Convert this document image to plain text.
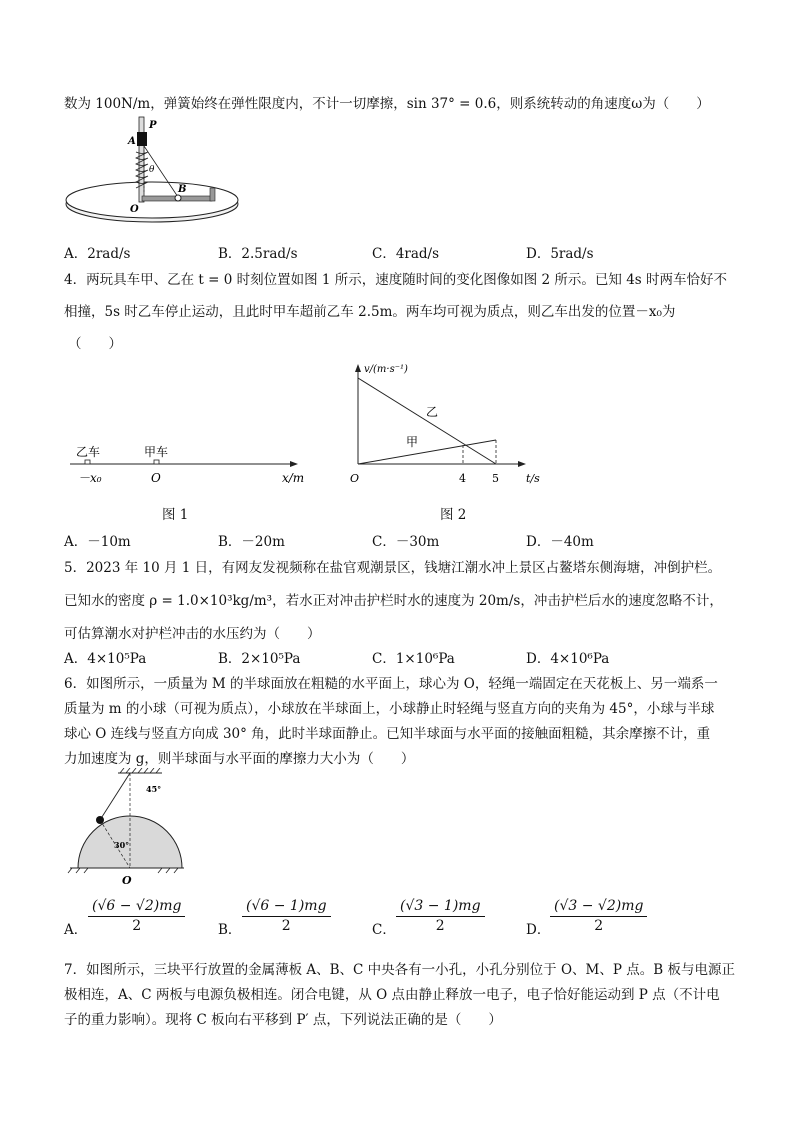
数为 100N/m，弹簧始终在弹性限度内，不计一切摩擦，sin 37° = 0.6，则系统转动的角速度ω为（　　）
P
A
θ
B
O
A．2rad/s	B．2.5rad/s	C．4rad/s	D．5rad/s
4．两玩具车甲、乙在 t = 0 时刻位置如图 1 所示，速度随时间的变化图像如图 2 所示。已知 4s 时两车恰好不
相撞，5s 时乙车停止运动，且此时甲车超前乙车 2.5m。两车均可视为质点，则乙车出发的位置－x₀为
（　　）
乙车	甲车
－x₀	O	x/m
图 1
v/(m·s⁻¹)
t/s
O	4 5
乙
甲
图 2
A．－10m	B．－20m	C．－30m	D．－40m
5．2023 年 10 月 1 日，有网友发视频称在盐官观潮景区，钱塘江潮水冲上景区占鳌塔东侧海塘，冲倒护栏。
已知水的密度 ρ = 1.0×10³kg/m³，若水正对冲击护栏时水的速度为 20m/s，冲击护栏后水的速度忽略不计，
可估算潮水对护栏冲击的水压约为（　　）
A．4×10⁵Pa	B．2×10⁵Pa	C．1×10⁶Pa	D．4×10⁶Pa
6．如图所示，一质量为 M 的半球面放在粗糙的水平面上，球心为 O，轻绳一端固定在天花板上、另一端系一
质量为 m 的小球（可视为质点），小球放在半球面上，小球静止时轻绳与竖直方向的夹角为 45°，小球与半球
球心 O 连线与竖直方向成 30° 角，此时半球面静止。已知半球面与水平面的接触面粗糙，其余摩擦不计，重
力加速度为 g，则半球面与水平面的摩擦力大小为（　　）
45°
30°
O
A．
(√6 − √2)mg
2	B．
(√6 − 1)mg
2	C．
(√3 − 1)mg
2	D．
(√3 − √2)mg
2
7．如图所示，三块平行放置的金属薄板 A、B、C 中央各有一小孔，小孔分别位于 O、M、P 点。B 板与电源正
极相连，A、C 两板与电源负极相连。闭合电键，从 O 点由静止释放一电子，电子恰好能运动到 P 点（不计电
子的重力影响）。现将 C 板向右平移到 P′ 点，下列说法正确的是（　　）
